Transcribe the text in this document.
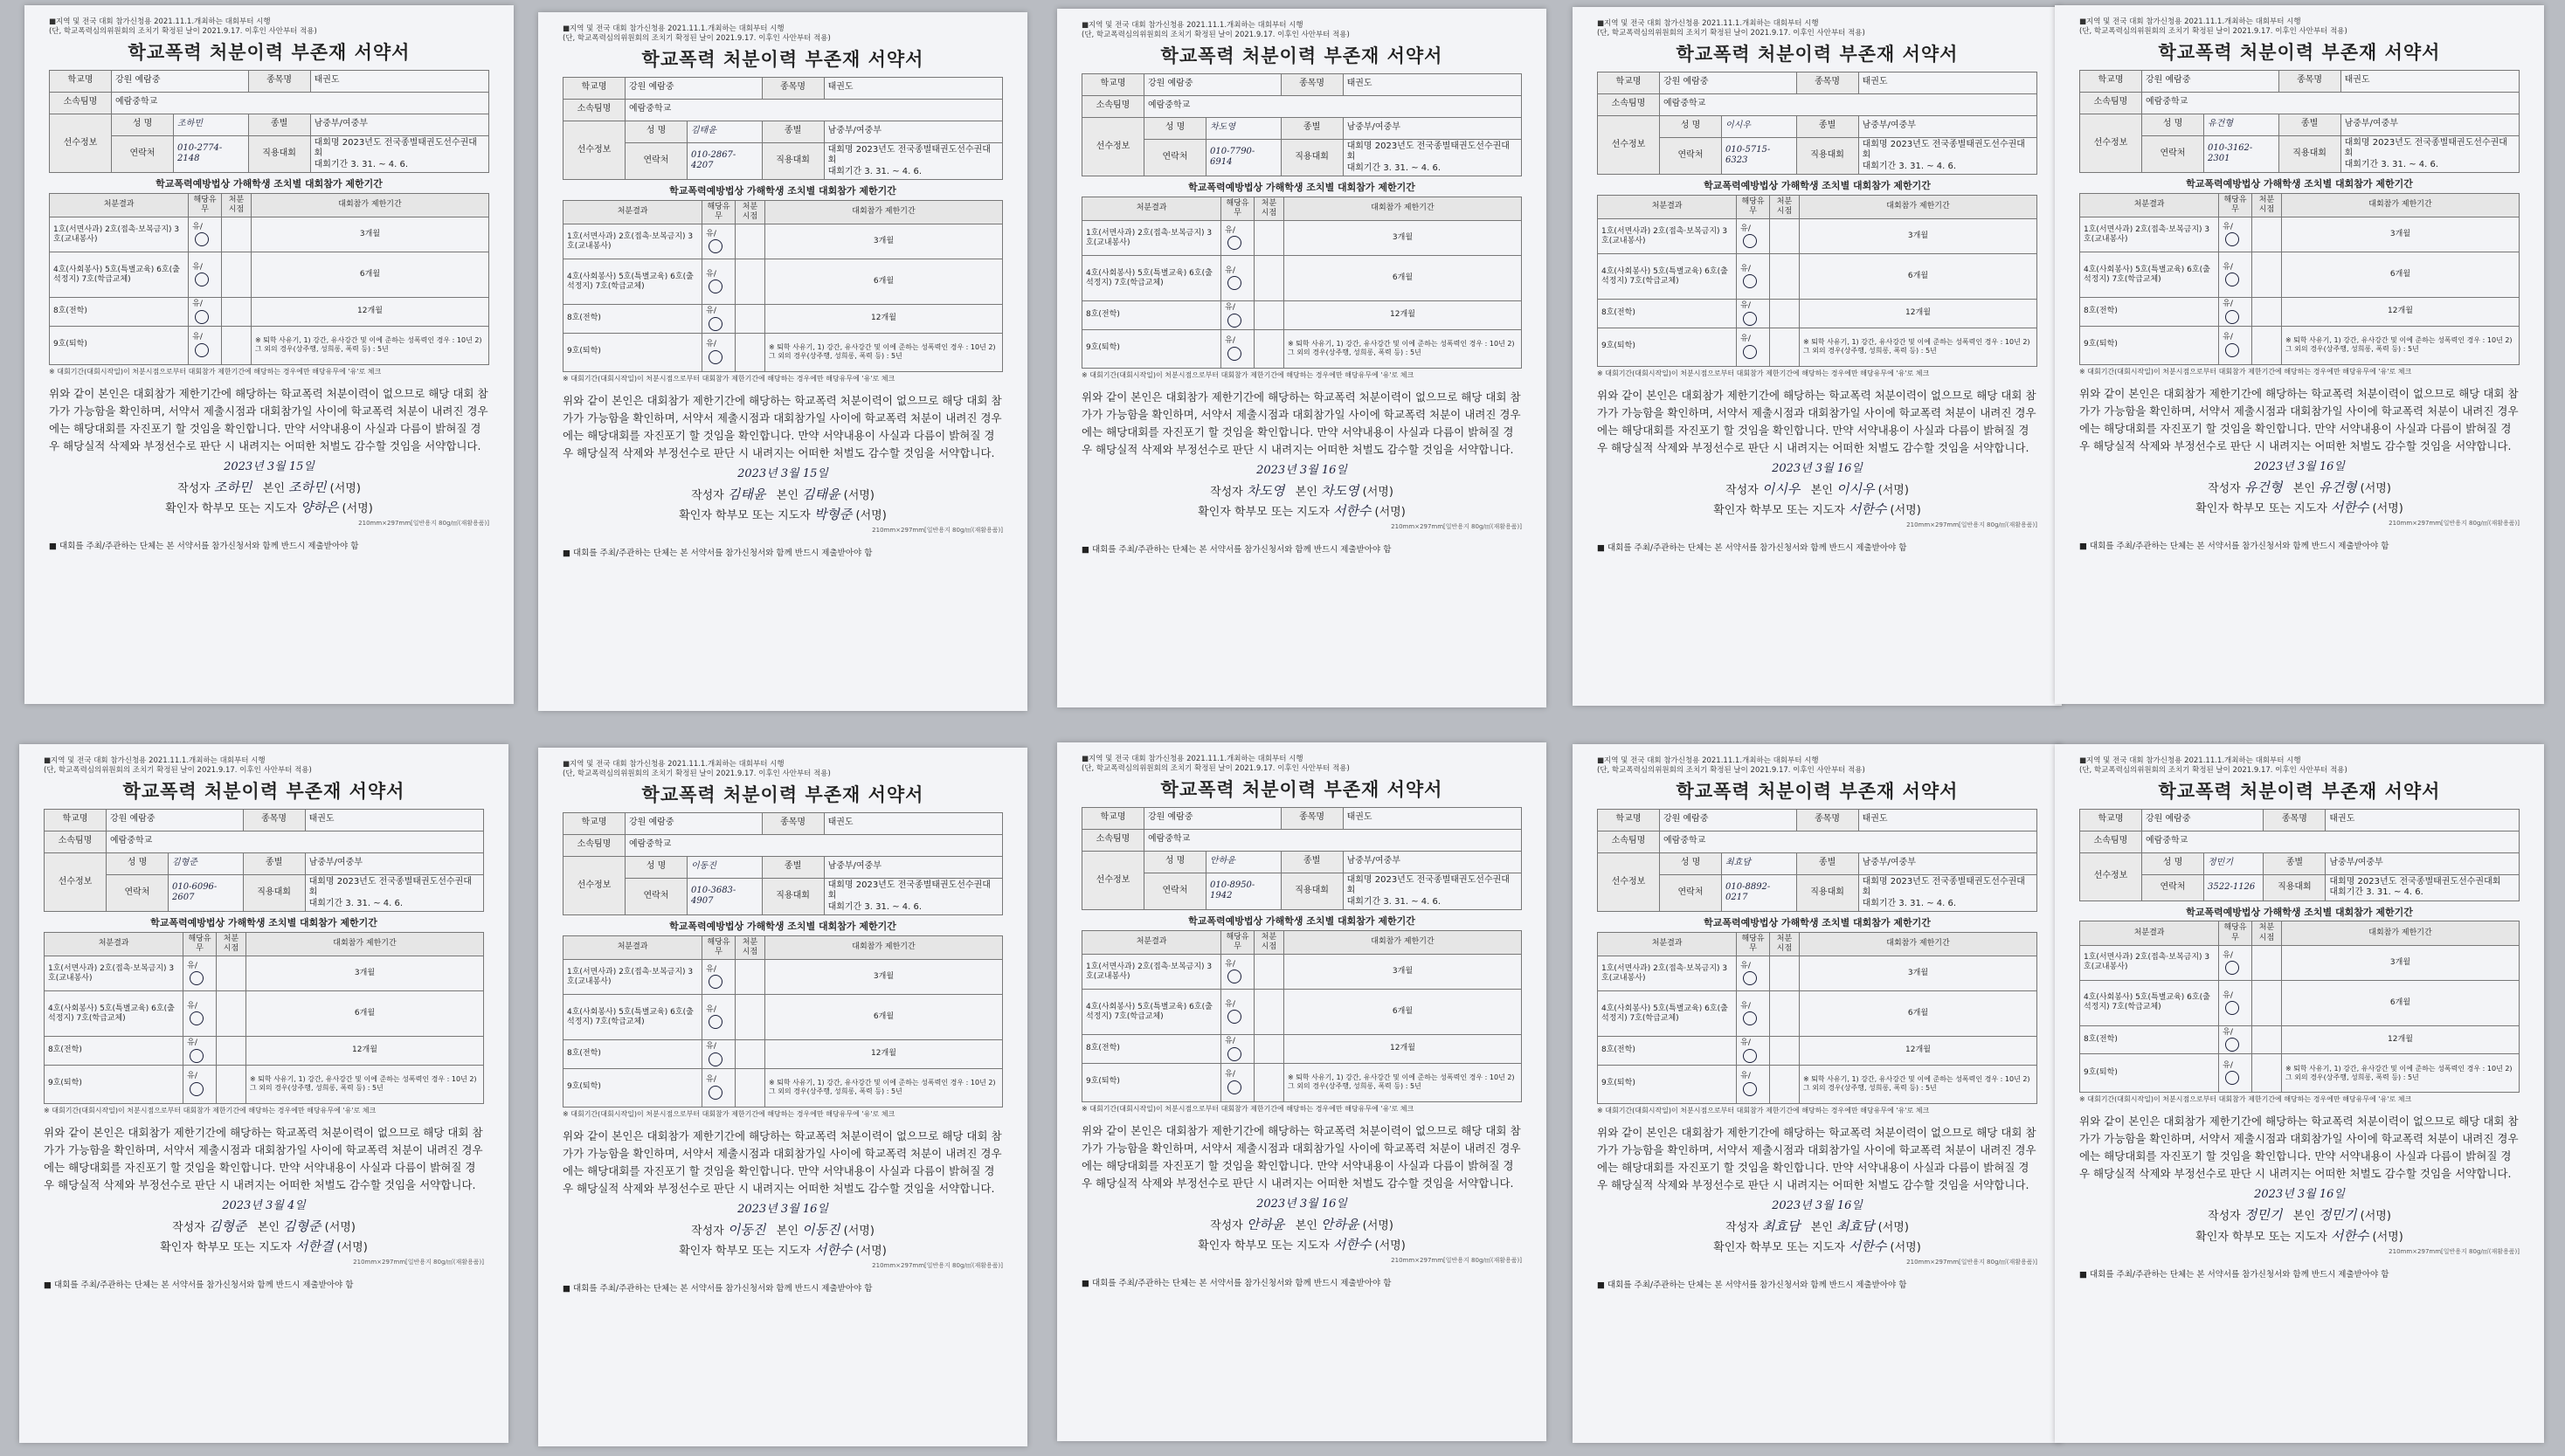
■지역 및 전국 대회 참가신청용 2021.11.1.개최하는 대회부터 시행
(단, 학교폭력심의위원회의 조치기 확정된 날이 2021.9.17. 이후인 사안부터 적용)
학교폭력 처분이력 부존재 서약서
학교명	강원 예람중		종목명	태권도
소속팀명	예람중학교			
선수정보	성 명	조하민	종별	남중부/여중부
	연락처	010-2774-2148	직용대회	대회명 2023년도 전국종별태권도선수권대회
대회기간 3. 31. ~ 4. 6.
학교폭력예방법상 가해학생 조치별 대회참가 제한기간
처분결과	해당유무	처분시점	대회참가 제한기간
1호(서면사과) 2호(접촉·보복금지) 3호(교내봉사)	유/		3개월
4호(사회봉사) 5호(특별교육) 6호(출석정지) 7호(학급교체)	유/		6개월
8호(전학)	유/		12개월
9호(퇴학)	유/		※ 퇴학 사유기, 1) 강간, 유사강간 및 이에 준하는 성폭력인 경우 : 10년 2) 그 외의 경우(상주행, 성희롱, 폭력 등) : 5년
※ 대회기간(대회시작일)이 처분시점으로부터 대회참가 제한기간에 해당하는 경우에만 해당유무에 '유'로 체크
위와 같이 본인은 대회참가 제한기간에 해당하는 학교폭력 처분이력이 없으므로 해당 대회 참가가 가능함을 확인하며, 서약서 제출시점과 대회참가일 사이에 학교폭력 처분이 내려진 경우에는 해당대회를 자진포기 할 것임을 확인합니다. 만약 서약내용이 사실과 다름이 밝혀질 경우 해당실적 삭제와 부정선수로 판단 시 내려지는 어떠한 처벌도 감수할 것임을 서약합니다.
2023년 3월 15일
작성자 조하민 본인 조하민 (서명)
확인자 학부모 또는 지도자 양하은 (서명)
210mm×297mm[일반용지 80g/㎡(재활용품)]
■ 대회를 주최/주관하는 단체는 본 서약서를 참가신청서와 함께 반드시 제출받아야 함
■지역 및 전국 대회 참가신청용 2021.11.1.개최하는 대회부터 시행
(단, 학교폭력심의위원회의 조치기 확정된 날이 2021.9.17. 이후인 사안부터 적용)
학교폭력 처분이력 부존재 서약서
학교명	강원 예람중		종목명	태권도
소속팀명	예람중학교			
선수정보	성 명	김태윤	종별	남중부/여중부
	연락처	010-2867-4207	직용대회	대회명 2023년도 전국종별태권도선수권대회
대회기간 3. 31. ~ 4. 6.
학교폭력예방법상 가해학생 조치별 대회참가 제한기간
처분결과	해당유무	처분시점	대회참가 제한기간
1호(서면사과) 2호(접촉·보복금지) 3호(교내봉사)	유/		3개월
4호(사회봉사) 5호(특별교육) 6호(출석정지) 7호(학급교체)	유/		6개월
8호(전학)	유/		12개월
9호(퇴학)	유/		※ 퇴학 사유기, 1) 강간, 유사강간 및 이에 준하는 성폭력인 경우 : 10년 2) 그 외의 경우(상주행, 성희롱, 폭력 등) : 5년
※ 대회기간(대회시작일)이 처분시점으로부터 대회참가 제한기간에 해당하는 경우에만 해당유무에 '유'로 체크
위와 같이 본인은 대회참가 제한기간에 해당하는 학교폭력 처분이력이 없으므로 해당 대회 참가가 가능함을 확인하며, 서약서 제출시점과 대회참가일 사이에 학교폭력 처분이 내려진 경우에는 해당대회를 자진포기 할 것임을 확인합니다. 만약 서약내용이 사실과 다름이 밝혀질 경우 해당실적 삭제와 부정선수로 판단 시 내려지는 어떠한 처벌도 감수할 것임을 서약합니다.
2023년 3월 15일
작성자 김태윤 본인 김태윤 (서명)
확인자 학부모 또는 지도자 박형준 (서명)
210mm×297mm[일반용지 80g/㎡(재활용품)]
■ 대회를 주최/주관하는 단체는 본 서약서를 참가신청서와 함께 반드시 제출받아야 함
■지역 및 전국 대회 참가신청용 2021.11.1.개최하는 대회부터 시행
(단, 학교폭력심의위원회의 조치기 확정된 날이 2021.9.17. 이후인 사안부터 적용)
학교폭력 처분이력 부존재 서약서
학교명	강원 예람중		종목명	태권도
소속팀명	예람중학교			
선수정보	성 명	차도영	종별	남중부/여중부
	연락처	010-7790-6914	직용대회	대회명 2023년도 전국종별태권도선수권대회
대회기간 3. 31. ~ 4. 6.
학교폭력예방법상 가해학생 조치별 대회참가 제한기간
처분결과	해당유무	처분시점	대회참가 제한기간
1호(서면사과) 2호(접촉·보복금지) 3호(교내봉사)	유/		3개월
4호(사회봉사) 5호(특별교육) 6호(출석정지) 7호(학급교체)	유/		6개월
8호(전학)	유/		12개월
9호(퇴학)	유/		※ 퇴학 사유기, 1) 강간, 유사강간 및 이에 준하는 성폭력인 경우 : 10년 2) 그 외의 경우(상주행, 성희롱, 폭력 등) : 5년
※ 대회기간(대회시작일)이 처분시점으로부터 대회참가 제한기간에 해당하는 경우에만 해당유무에 '유'로 체크
위와 같이 본인은 대회참가 제한기간에 해당하는 학교폭력 처분이력이 없으므로 해당 대회 참가가 가능함을 확인하며, 서약서 제출시점과 대회참가일 사이에 학교폭력 처분이 내려진 경우에는 해당대회를 자진포기 할 것임을 확인합니다. 만약 서약내용이 사실과 다름이 밝혀질 경우 해당실적 삭제와 부정선수로 판단 시 내려지는 어떠한 처벌도 감수할 것임을 서약합니다.
2023년 3월 16일
작성자 차도영 본인 차도영 (서명)
확인자 학부모 또는 지도자 서한수 (서명)
210mm×297mm[일반용지 80g/㎡(재활용품)]
■ 대회를 주최/주관하는 단체는 본 서약서를 참가신청서와 함께 반드시 제출받아야 함
■지역 및 전국 대회 참가신청용 2021.11.1.개최하는 대회부터 시행
(단, 학교폭력심의위원회의 조치기 확정된 날이 2021.9.17. 이후인 사안부터 적용)
학교폭력 처분이력 부존재 서약서
학교명	강원 예람중		종목명	태권도
소속팀명	예람중학교			
선수정보	성 명	이시우	종별	남중부/여중부
	연락처	010-5715-6323	직용대회	대회명 2023년도 전국종별태권도선수권대회
대회기간 3. 31. ~ 4. 6.
학교폭력예방법상 가해학생 조치별 대회참가 제한기간
처분결과	해당유무	처분시점	대회참가 제한기간
1호(서면사과) 2호(접촉·보복금지) 3호(교내봉사)	유/		3개월
4호(사회봉사) 5호(특별교육) 6호(출석정지) 7호(학급교체)	유/		6개월
8호(전학)	유/		12개월
9호(퇴학)	유/		※ 퇴학 사유기, 1) 강간, 유사강간 및 이에 준하는 성폭력인 경우 : 10년 2) 그 외의 경우(상주행, 성희롱, 폭력 등) : 5년
※ 대회기간(대회시작일)이 처분시점으로부터 대회참가 제한기간에 해당하는 경우에만 해당유무에 '유'로 체크
위와 같이 본인은 대회참가 제한기간에 해당하는 학교폭력 처분이력이 없으므로 해당 대회 참가가 가능함을 확인하며, 서약서 제출시점과 대회참가일 사이에 학교폭력 처분이 내려진 경우에는 해당대회를 자진포기 할 것임을 확인합니다. 만약 서약내용이 사실과 다름이 밝혀질 경우 해당실적 삭제와 부정선수로 판단 시 내려지는 어떠한 처벌도 감수할 것임을 서약합니다.
2023년 3월 16일
작성자 이시우 본인 이시우 (서명)
확인자 학부모 또는 지도자 서한수 (서명)
210mm×297mm[일반용지 80g/㎡(재활용품)]
■ 대회를 주최/주관하는 단체는 본 서약서를 참가신청서와 함께 반드시 제출받아야 함
■지역 및 전국 대회 참가신청용 2021.11.1.개최하는 대회부터 시행
(단, 학교폭력심의위원회의 조치기 확정된 날이 2021.9.17. 이후인 사안부터 적용)
학교폭력 처분이력 부존재 서약서
학교명	강원 예람중		종목명	태권도
소속팀명	예람중학교			
선수정보	성 명	유건형	종별	남중부/여중부
	연락처	010-3162-2301	직용대회	대회명 2023년도 전국종별태권도선수권대회
대회기간 3. 31. ~ 4. 6.
학교폭력예방법상 가해학생 조치별 대회참가 제한기간
처분결과	해당유무	처분시점	대회참가 제한기간
1호(서면사과) 2호(접촉·보복금지) 3호(교내봉사)	유/		3개월
4호(사회봉사) 5호(특별교육) 6호(출석정지) 7호(학급교체)	유/		6개월
8호(전학)	유/		12개월
9호(퇴학)	유/		※ 퇴학 사유기, 1) 강간, 유사강간 및 이에 준하는 성폭력인 경우 : 10년 2) 그 외의 경우(상주행, 성희롱, 폭력 등) : 5년
※ 대회기간(대회시작일)이 처분시점으로부터 대회참가 제한기간에 해당하는 경우에만 해당유무에 '유'로 체크
위와 같이 본인은 대회참가 제한기간에 해당하는 학교폭력 처분이력이 없으므로 해당 대회 참가가 가능함을 확인하며, 서약서 제출시점과 대회참가일 사이에 학교폭력 처분이 내려진 경우에는 해당대회를 자진포기 할 것임을 확인합니다. 만약 서약내용이 사실과 다름이 밝혀질 경우 해당실적 삭제와 부정선수로 판단 시 내려지는 어떠한 처벌도 감수할 것임을 서약합니다.
2023년 3월 16일
작성자 유건형 본인 유건형 (서명)
확인자 학부모 또는 지도자 서한수 (서명)
210mm×297mm[일반용지 80g/㎡(재활용품)]
■ 대회를 주최/주관하는 단체는 본 서약서를 참가신청서와 함께 반드시 제출받아야 함
■지역 및 전국 대회 참가신청용 2021.11.1.개최하는 대회부터 시행
(단, 학교폭력심의위원회의 조치기 확정된 날이 2021.9.17. 이후인 사안부터 적용)
학교폭력 처분이력 부존재 서약서
학교명	강원 예람중		종목명	태권도
소속팀명	예람중학교			
선수정보	성 명	김형준	종별	남중부/여중부
	연락처	010-6096-2607	직용대회	대회명 2023년도 전국종별태권도선수권대회
대회기간 3. 31. ~ 4. 6.
학교폭력예방법상 가해학생 조치별 대회참가 제한기간
처분결과	해당유무	처분시점	대회참가 제한기간
1호(서면사과) 2호(접촉·보복금지) 3호(교내봉사)	유/		3개월
4호(사회봉사) 5호(특별교육) 6호(출석정지) 7호(학급교체)	유/		6개월
8호(전학)	유/		12개월
9호(퇴학)	유/		※ 퇴학 사유기, 1) 강간, 유사강간 및 이에 준하는 성폭력인 경우 : 10년 2) 그 외의 경우(상주행, 성희롱, 폭력 등) : 5년
※ 대회기간(대회시작일)이 처분시점으로부터 대회참가 제한기간에 해당하는 경우에만 해당유무에 '유'로 체크
위와 같이 본인은 대회참가 제한기간에 해당하는 학교폭력 처분이력이 없으므로 해당 대회 참가가 가능함을 확인하며, 서약서 제출시점과 대회참가일 사이에 학교폭력 처분이 내려진 경우에는 해당대회를 자진포기 할 것임을 확인합니다. 만약 서약내용이 사실과 다름이 밝혀질 경우 해당실적 삭제와 부정선수로 판단 시 내려지는 어떠한 처벌도 감수할 것임을 서약합니다.
2023년 3월 4일
작성자 김형준 본인 김형준 (서명)
확인자 학부모 또는 지도자 서한결 (서명)
210mm×297mm[일반용지 80g/㎡(재활용품)]
■ 대회를 주최/주관하는 단체는 본 서약서를 참가신청서와 함께 반드시 제출받아야 함
■지역 및 전국 대회 참가신청용 2021.11.1.개최하는 대회부터 시행
(단, 학교폭력심의위원회의 조치기 확정된 날이 2021.9.17. 이후인 사안부터 적용)
학교폭력 처분이력 부존재 서약서
학교명	강원 예람중		종목명	태권도
소속팀명	예람중학교			
선수정보	성 명	이동진	종별	남중부/여중부
	연락처	010-3683-4907	직용대회	대회명 2023년도 전국종별태권도선수권대회
대회기간 3. 31. ~ 4. 6.
학교폭력예방법상 가해학생 조치별 대회참가 제한기간
처분결과	해당유무	처분시점	대회참가 제한기간
1호(서면사과) 2호(접촉·보복금지) 3호(교내봉사)	유/		3개월
4호(사회봉사) 5호(특별교육) 6호(출석정지) 7호(학급교체)	유/		6개월
8호(전학)	유/		12개월
9호(퇴학)	유/		※ 퇴학 사유기, 1) 강간, 유사강간 및 이에 준하는 성폭력인 경우 : 10년 2) 그 외의 경우(상주행, 성희롱, 폭력 등) : 5년
※ 대회기간(대회시작일)이 처분시점으로부터 대회참가 제한기간에 해당하는 경우에만 해당유무에 '유'로 체크
위와 같이 본인은 대회참가 제한기간에 해당하는 학교폭력 처분이력이 없으므로 해당 대회 참가가 가능함을 확인하며, 서약서 제출시점과 대회참가일 사이에 학교폭력 처분이 내려진 경우에는 해당대회를 자진포기 할 것임을 확인합니다. 만약 서약내용이 사실과 다름이 밝혀질 경우 해당실적 삭제와 부정선수로 판단 시 내려지는 어떠한 처벌도 감수할 것임을 서약합니다.
2023년 3월 16일
작성자 이동진 본인 이동진 (서명)
확인자 학부모 또는 지도자 서한수 (서명)
210mm×297mm[일반용지 80g/㎡(재활용품)]
■ 대회를 주최/주관하는 단체는 본 서약서를 참가신청서와 함께 반드시 제출받아야 함
■지역 및 전국 대회 참가신청용 2021.11.1.개최하는 대회부터 시행
(단, 학교폭력심의위원회의 조치기 확정된 날이 2021.9.17. 이후인 사안부터 적용)
학교폭력 처분이력 부존재 서약서
학교명	강원 예람중		종목명	태권도
소속팀명	예람중학교			
선수정보	성 명	안하윤	종별	남중부/여중부
	연락처	010-8950-1942	직용대회	대회명 2023년도 전국종별태권도선수권대회
대회기간 3. 31. ~ 4. 6.
학교폭력예방법상 가해학생 조치별 대회참가 제한기간
처분결과	해당유무	처분시점	대회참가 제한기간
1호(서면사과) 2호(접촉·보복금지) 3호(교내봉사)	유/		3개월
4호(사회봉사) 5호(특별교육) 6호(출석정지) 7호(학급교체)	유/		6개월
8호(전학)	유/		12개월
9호(퇴학)	유/		※ 퇴학 사유기, 1) 강간, 유사강간 및 이에 준하는 성폭력인 경우 : 10년 2) 그 외의 경우(상주행, 성희롱, 폭력 등) : 5년
※ 대회기간(대회시작일)이 처분시점으로부터 대회참가 제한기간에 해당하는 경우에만 해당유무에 '유'로 체크
위와 같이 본인은 대회참가 제한기간에 해당하는 학교폭력 처분이력이 없으므로 해당 대회 참가가 가능함을 확인하며, 서약서 제출시점과 대회참가일 사이에 학교폭력 처분이 내려진 경우에는 해당대회를 자진포기 할 것임을 확인합니다. 만약 서약내용이 사실과 다름이 밝혀질 경우 해당실적 삭제와 부정선수로 판단 시 내려지는 어떠한 처벌도 감수할 것임을 서약합니다.
2023년 3월 16일
작성자 안하윤 본인 안하윤 (서명)
확인자 학부모 또는 지도자 서한수 (서명)
210mm×297mm[일반용지 80g/㎡(재활용품)]
■ 대회를 주최/주관하는 단체는 본 서약서를 참가신청서와 함께 반드시 제출받아야 함
■지역 및 전국 대회 참가신청용 2021.11.1.개최하는 대회부터 시행
(단, 학교폭력심의위원회의 조치기 확정된 날이 2021.9.17. 이후인 사안부터 적용)
학교폭력 처분이력 부존재 서약서
학교명	강원 예람중		종목명	태권도
소속팀명	예람중학교			
선수정보	성 명	최효담	종별	남중부/여중부
	연락처	010-8892-0217	직용대회	대회명 2023년도 전국종별태권도선수권대회
대회기간 3. 31. ~ 4. 6.
학교폭력예방법상 가해학생 조치별 대회참가 제한기간
처분결과	해당유무	처분시점	대회참가 제한기간
1호(서면사과) 2호(접촉·보복금지) 3호(교내봉사)	유/		3개월
4호(사회봉사) 5호(특별교육) 6호(출석정지) 7호(학급교체)	유/		6개월
8호(전학)	유/		12개월
9호(퇴학)	유/		※ 퇴학 사유기, 1) 강간, 유사강간 및 이에 준하는 성폭력인 경우 : 10년 2) 그 외의 경우(상주행, 성희롱, 폭력 등) : 5년
※ 대회기간(대회시작일)이 처분시점으로부터 대회참가 제한기간에 해당하는 경우에만 해당유무에 '유'로 체크
위와 같이 본인은 대회참가 제한기간에 해당하는 학교폭력 처분이력이 없으므로 해당 대회 참가가 가능함을 확인하며, 서약서 제출시점과 대회참가일 사이에 학교폭력 처분이 내려진 경우에는 해당대회를 자진포기 할 것임을 확인합니다. 만약 서약내용이 사실과 다름이 밝혀질 경우 해당실적 삭제와 부정선수로 판단 시 내려지는 어떠한 처벌도 감수할 것임을 서약합니다.
2023년 3월 16일
작성자 최효담 본인 최효담 (서명)
확인자 학부모 또는 지도자 서한수 (서명)
210mm×297mm[일반용지 80g/㎡(재활용품)]
■ 대회를 주최/주관하는 단체는 본 서약서를 참가신청서와 함께 반드시 제출받아야 함
■지역 및 전국 대회 참가신청용 2021.11.1.개최하는 대회부터 시행
(단, 학교폭력심의위원회의 조치기 확정된 날이 2021.9.17. 이후인 사안부터 적용)
학교폭력 처분이력 부존재 서약서
학교명	강원 예람중		종목명	태권도
소속팀명	예람중학교			
선수정보	성 명	정민기	종별	남중부/여중부
	연락처	3522-1126	직용대회	대회명 2023년도 전국종별태권도선수권대회
대회기간 3. 31. ~ 4. 6.
학교폭력예방법상 가해학생 조치별 대회참가 제한기간
처분결과	해당유무	처분시점	대회참가 제한기간
1호(서면사과) 2호(접촉·보복금지) 3호(교내봉사)	유/		3개월
4호(사회봉사) 5호(특별교육) 6호(출석정지) 7호(학급교체)	유/		6개월
8호(전학)	유/		12개월
9호(퇴학)	유/		※ 퇴학 사유기, 1) 강간, 유사강간 및 이에 준하는 성폭력인 경우 : 10년 2) 그 외의 경우(상주행, 성희롱, 폭력 등) : 5년
※ 대회기간(대회시작일)이 처분시점으로부터 대회참가 제한기간에 해당하는 경우에만 해당유무에 '유'로 체크
위와 같이 본인은 대회참가 제한기간에 해당하는 학교폭력 처분이력이 없으므로 해당 대회 참가가 가능함을 확인하며, 서약서 제출시점과 대회참가일 사이에 학교폭력 처분이 내려진 경우에는 해당대회를 자진포기 할 것임을 확인합니다. 만약 서약내용이 사실과 다름이 밝혀질 경우 해당실적 삭제와 부정선수로 판단 시 내려지는 어떠한 처벌도 감수할 것임을 서약합니다.
2023년 3월 16일
작성자 정민기 본인 정민기 (서명)
확인자 학부모 또는 지도자 서한수 (서명)
210mm×297mm[일반용지 80g/㎡(재활용품)]
■ 대회를 주최/주관하는 단체는 본 서약서를 참가신청서와 함께 반드시 제출받아야 함
